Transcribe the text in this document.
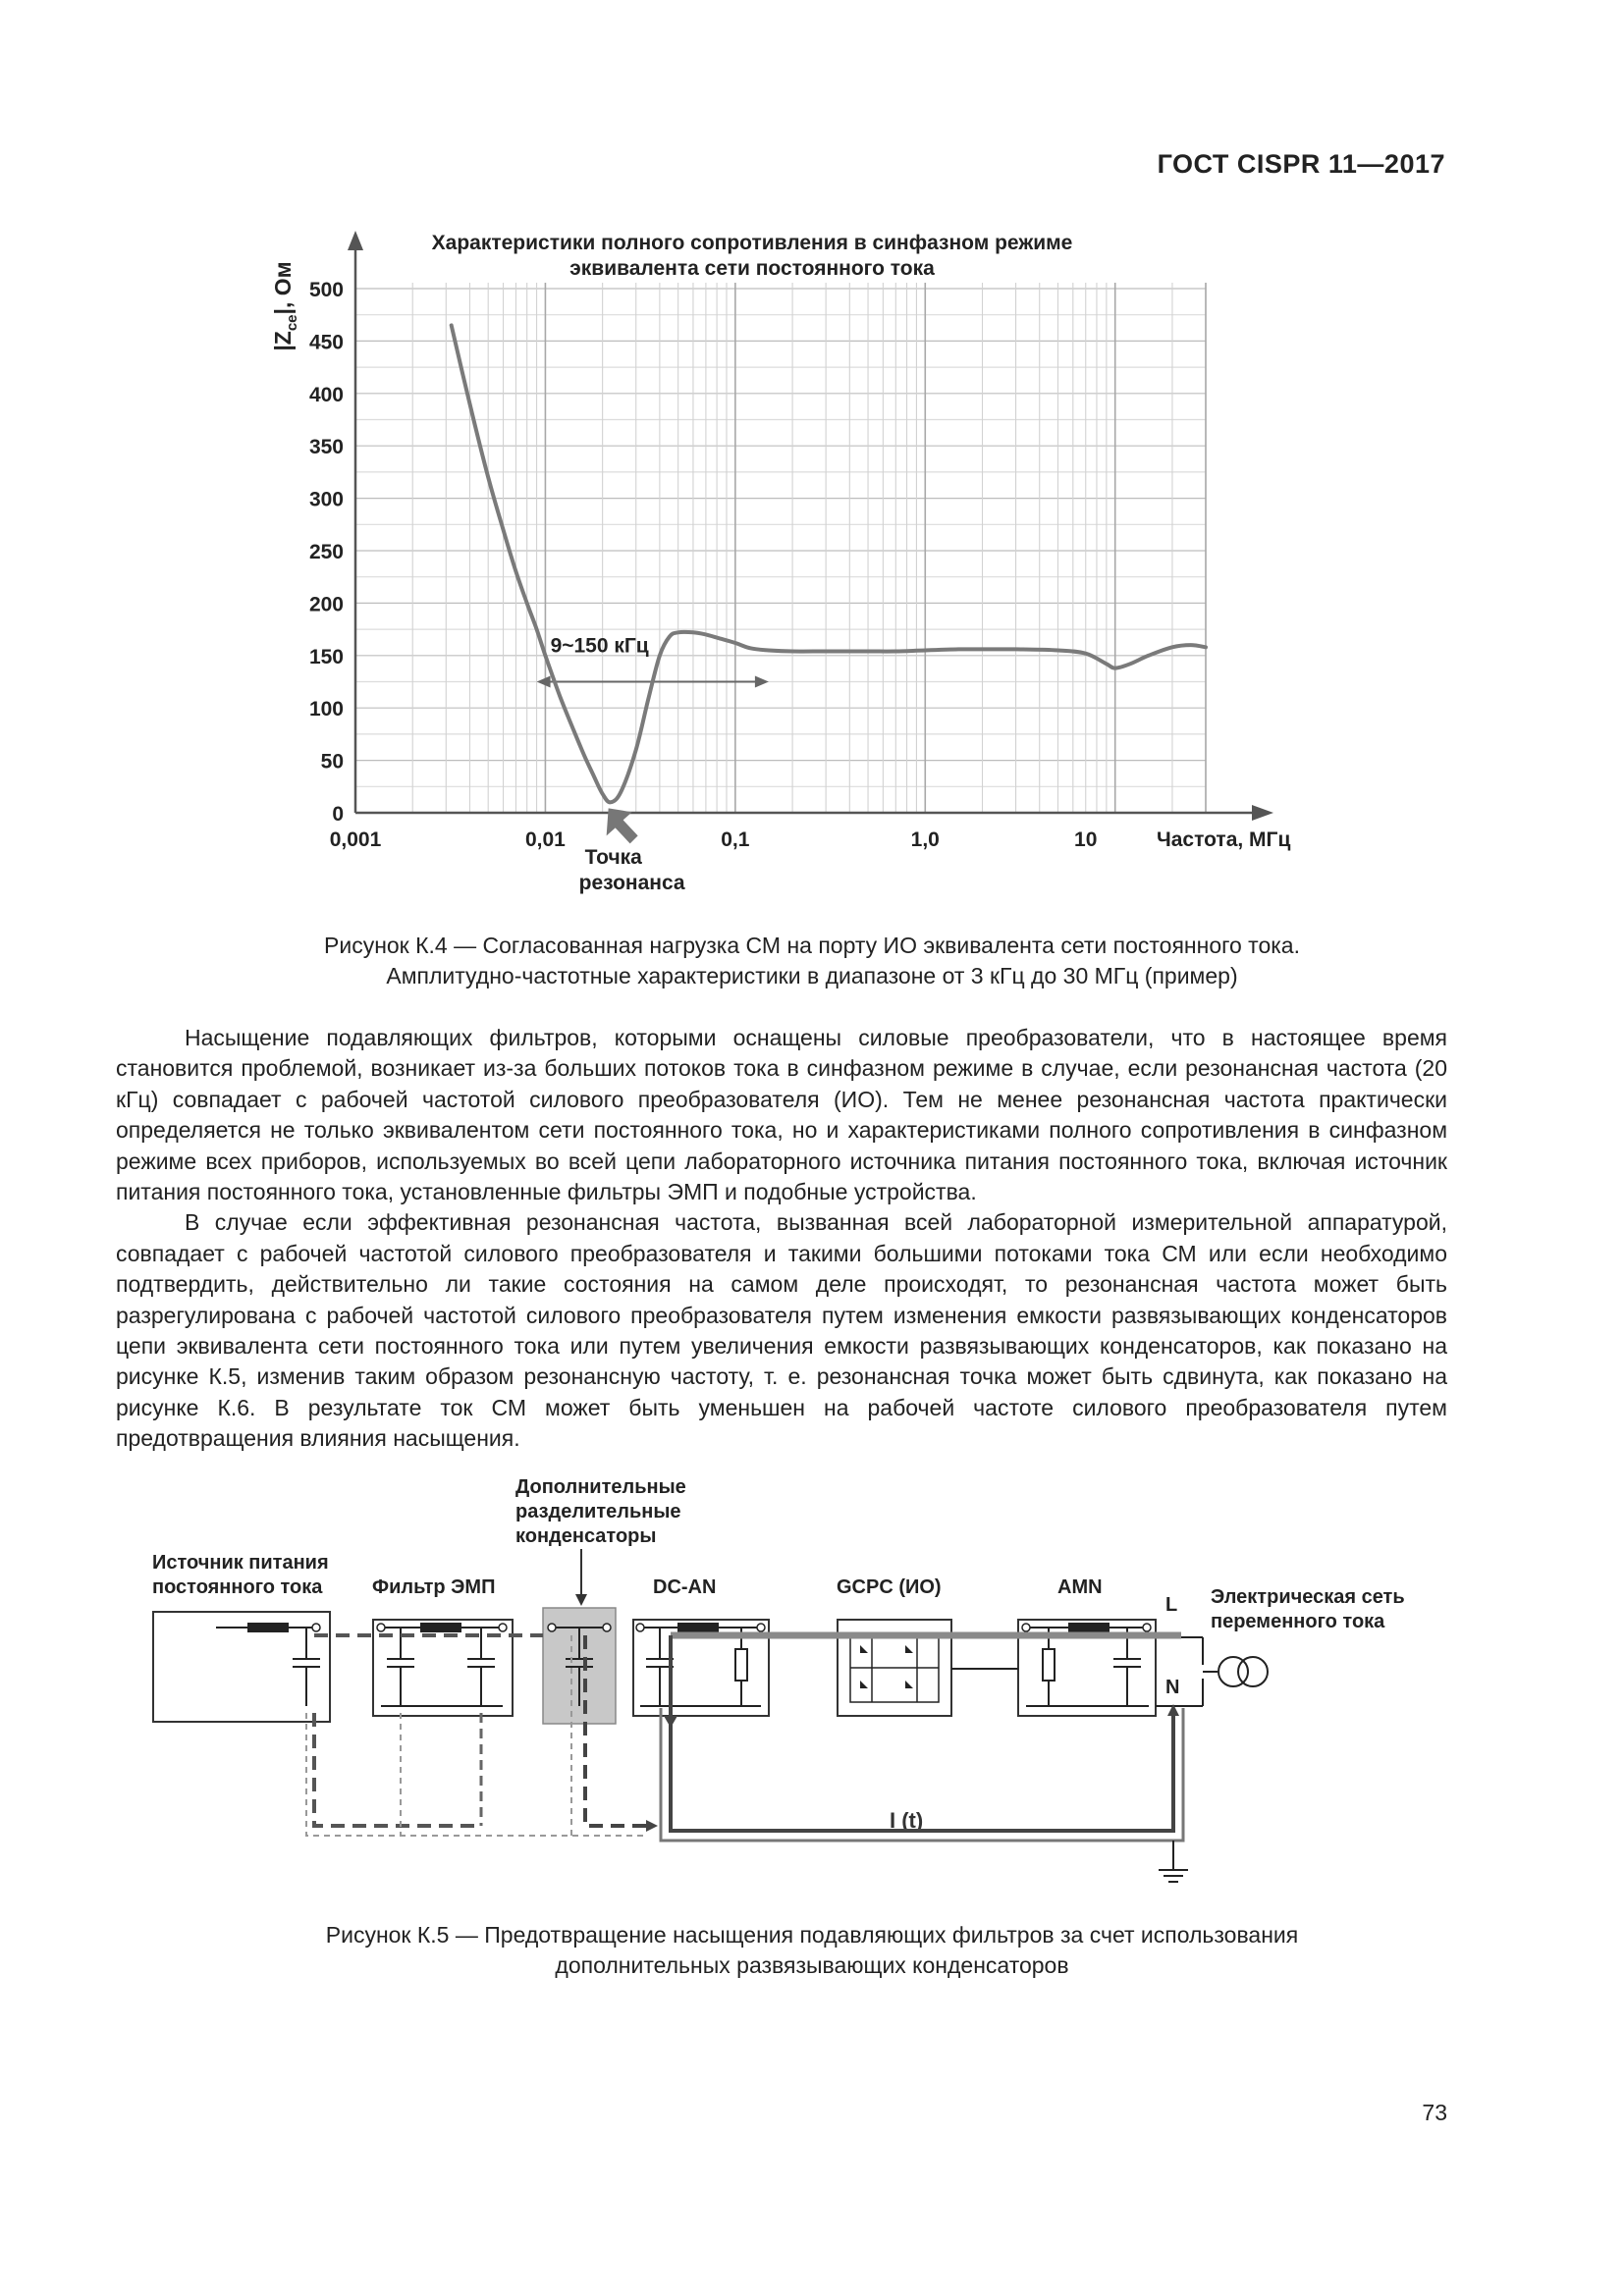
ГОСТ CISPR 11—2017
0
50
100
150
200
250
300
350
400
450
500
0,001	0,01	0,1	1,0	10
Характеристики полного сопротивления в синфазном режиме
эквивалента сети постоянного тока
$|Z_{ce}|$, Ом
Частота, МГц
9~150 кГц
Точка
резонанса
Рисунок К.4 — Согласованная нагрузка СМ на порту ИО эквивалента сети постоянного тока.
Амплитудно-частотные характеристики в диапазоне от 3 кГц до 30 МГц (пример)

Насыщение подавляющих фильтров, которыми оснащены силовые преобразователи, что в настоящее время становится проблемой, возникает из-за больших потоков тока в синфазном режиме в случае, если резонансная частота (20 кГц) совпадает с рабочей частотой силового преобразователя (ИО). Тем не менее резонансная частота практически определяется не только эквивалентом сети постоянного тока, но и характеристиками полного сопротивления в синфазном режиме всех приборов, используемых во всей цепи лабораторного источника питания постоянного тока, включая источник питания постоянного тока, установленные фильтры ЭМП и подобные устройства.

В случае если эффективная резонансная частота, вызванная всей лабораторной измерительной аппаратурой, совпадает с рабочей частотой силового преобразователя и такими большими потоками тока СМ или если необходимо подтвердить, действительно ли такие состояния на самом деле происходят, то резонансная частота может быть разрегулирована с рабочей частотой силового преобразователя путем изменения емкости развязывающих конденсаторов цепи эквивалента сети постоянного тока или путем увеличения емкости развязывающих конденсаторов, как показано на рисунке К.5, изменив таким образом резонансную частоту, т. е. резонансная точка может быть сдвинута, как показано на рисунке К.6. В результате ток СМ может быть уменьшен на рабочей частоте силового преобразователя путем предотвращения влияния насыщения.

Источник питания
постоянного тока	Фильтр ЭМП
Дополнительные
разделительные
конденсаторы
DC-AN	GCPC (ИО)	AMN
L
N
Электрическая сеть
переменного тока
I (t)
Рисунок К.5 — Предотвращение насыщения подавляющих фильтров за счет использования
дополнительных развязывающих конденсаторов
73
